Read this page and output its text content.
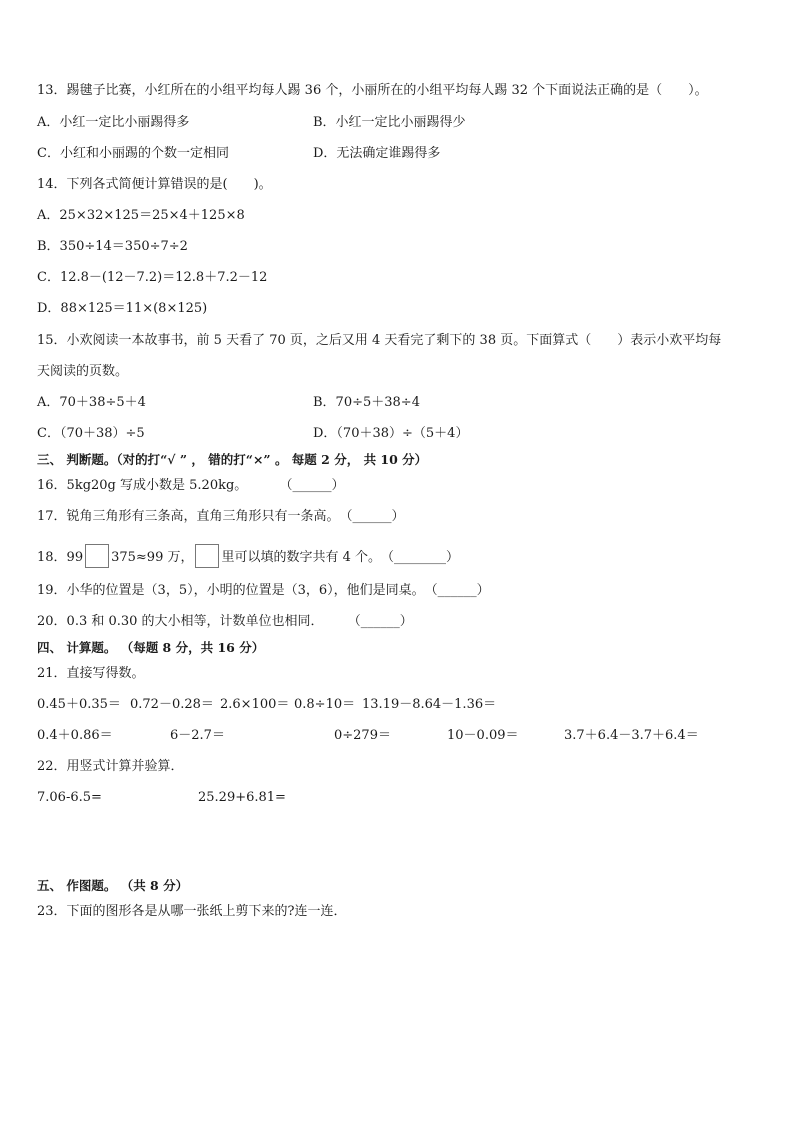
13．踢毽子比赛，小红所在的小组平均每人踢 36 个，小丽所在的小组平均每人踢 32 个下面说法正确的是（　　）。
A．小红一定比小丽踢得多	B．小红一定比小丽踢得少
C．小红和小丽踢的个数一定相同	D．无法确定谁踢得多
14．下列各式简便计算错误的是(　　)。
A．25×32×125＝25×4＋125×8
B．350÷14＝350÷7÷2
C．12.8－(12－7.2)＝12.8＋7.2－12
D．88×125＝11×(8×125)
15．小欢阅读一本故事书，前 5 天看了 70 页，之后又用 4 天看完了剩下的 38 页。下面算式（　　）表示小欢平均每
天阅读的页数。
A．70＋38÷5＋4	B．70÷5＋38÷4
C．（70＋38）÷5	D．（70＋38）÷（5＋4）
三、 判断题。（对的打“√ ” ， 错的打“×” 。 每题 2 分， 共 10 分）
16．5kg20g 写成小数是 5.20kg。 （______）
17．锐角三角形有三条高，直角三角形只有一条高。（______）
18．99 375≈99 万， 里可以填的数字共有 4 个。（________）
19．小华的位置是（3，5），小明的位置是（3，6），他们是同桌。（______）
20．0.3 和 0.30 的大小相等，计数单位也相同． （______）
四、 计算题。 （每题 8 分，共 16 分）
21．直接写得数。
0.45＋0.35＝ 0.72－0.28＝ 2.6×100＝ 0.8÷10＝ 13.19－8.64－1.36＝
0.4＋0.86＝	6－2.7＝	0÷279＝	10－0.09＝	3.7＋6.4－3.7＋6.4＝
22．用竖式计算并验算．
7.06-6.5=	25.29+6.81=
五、 作图题。 （共 8 分）
23．下面的图形各是从哪一张纸上剪下来的?连一连．
